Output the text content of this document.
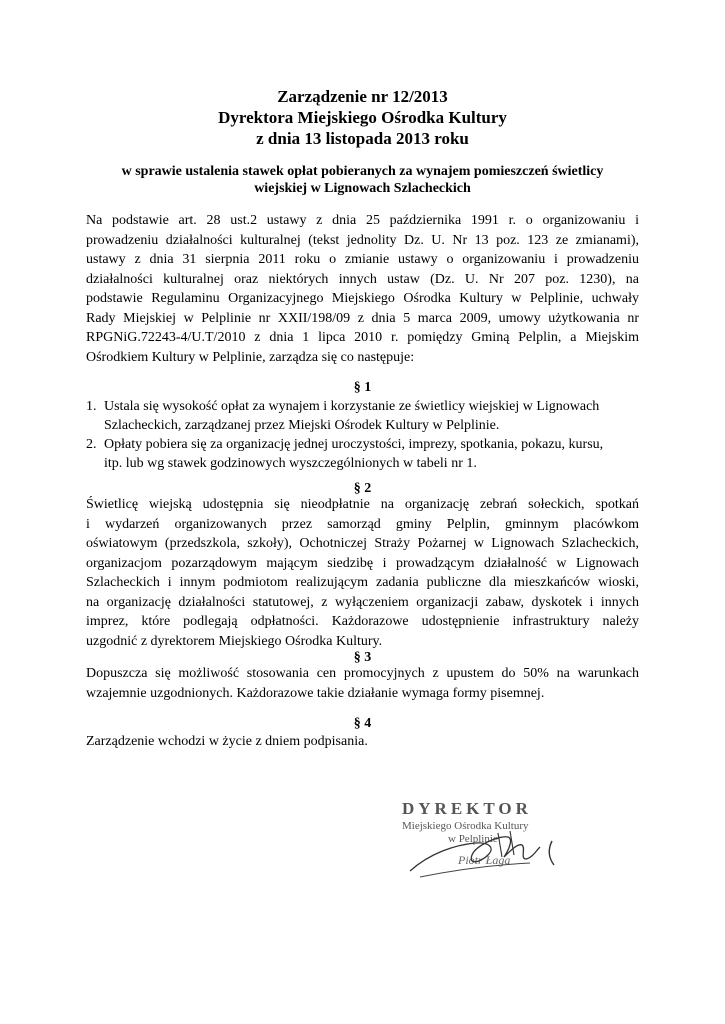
Zarządzenie nr 12/2013
Dyrektora Miejskiego Ośrodka Kultury
z dnia 13 listopada 2013 roku
w sprawie ustalenia stawek opłat pobieranych za wynajem pomieszczeń świetlicy
wiejskiej w Lignowach Szlacheckich
Na podstawie art. 28 ust.2 ustawy z dnia 25 października 1991 r. o organizowaniu i
prowadzeniu działalności kulturalnej (tekst jednolity Dz. U. Nr 13 poz. 123 ze zmianami),
ustawy z dnia 31 sierpnia 2011 roku o zmianie ustawy o organizowaniu i prowadzeniu
działalności kulturalnej oraz niektórych innych ustaw (Dz. U. Nr 207 poz. 1230), na
podstawie Regulaminu Organizacyjnego Miejskiego Ośrodka Kultury w Pelplinie, uchwały
Rady Miejskiej w Pelplinie nr XXII/198/09 z dnia 5 marca 2009, umowy użytkowania nr
RPGNiG.72243-4/U.T/2010 z dnia 1 lipca 2010 r. pomiędzy Gminą Pelplin, a Miejskim
Ośrodkiem Kultury w Pelplinie, zarządza się co następuje:
§ 1
1. Ustala się wysokość opłat za wynajem i korzystanie ze świetlicy wiejskiej w Lignowach
Szlacheckich, zarządzanej przez Miejski Ośrodek Kultury w Pelplinie.
2. Opłaty pobiera się za organizację jednej uroczystości, imprezy, spotkania, pokazu, kursu,
itp. lub wg stawek godzinowych wyszczególnionych w tabeli nr 1.
§ 2
Świetlicę wiejską udostępnia się nieodpłatnie na organizację zebrań sołeckich, spotkań
i wydarzeń organizowanych przez samorząd gminy Pelplin, gminnym placówkom
oświatowym (przedszkola, szkoły), Ochotniczej Straży Pożarnej w Lignowach Szlacheckich,
organizacjom pozarządowym mającym siedzibę i prowadzącym działalność w Lignowach
Szlacheckich i innym podmiotom realizującym zadania publiczne dla mieszkańców wioski,
na organizację działalności statutowej, z wyłączeniem organizacji zabaw, dyskotek i innych
imprez, które podlegają odpłatności. Każdorazowe udostępnienie infrastruktury należy
uzgodnić z dyrektorem Miejskiego Ośrodka Kultury.
§ 3
Dopuszcza się możliwość stosowania cen promocyjnych z upustem do 50% na warunkach
wzajemnie uzgodnionych. Każdorazowe takie działanie wymaga formy pisemnej.
§ 4
Zarządzenie wchodzi w życie z dniem podpisania.
DYREKTOR
Miejskiego Ośrodka Kultury
w Pelplinie
Piotr Łaga
